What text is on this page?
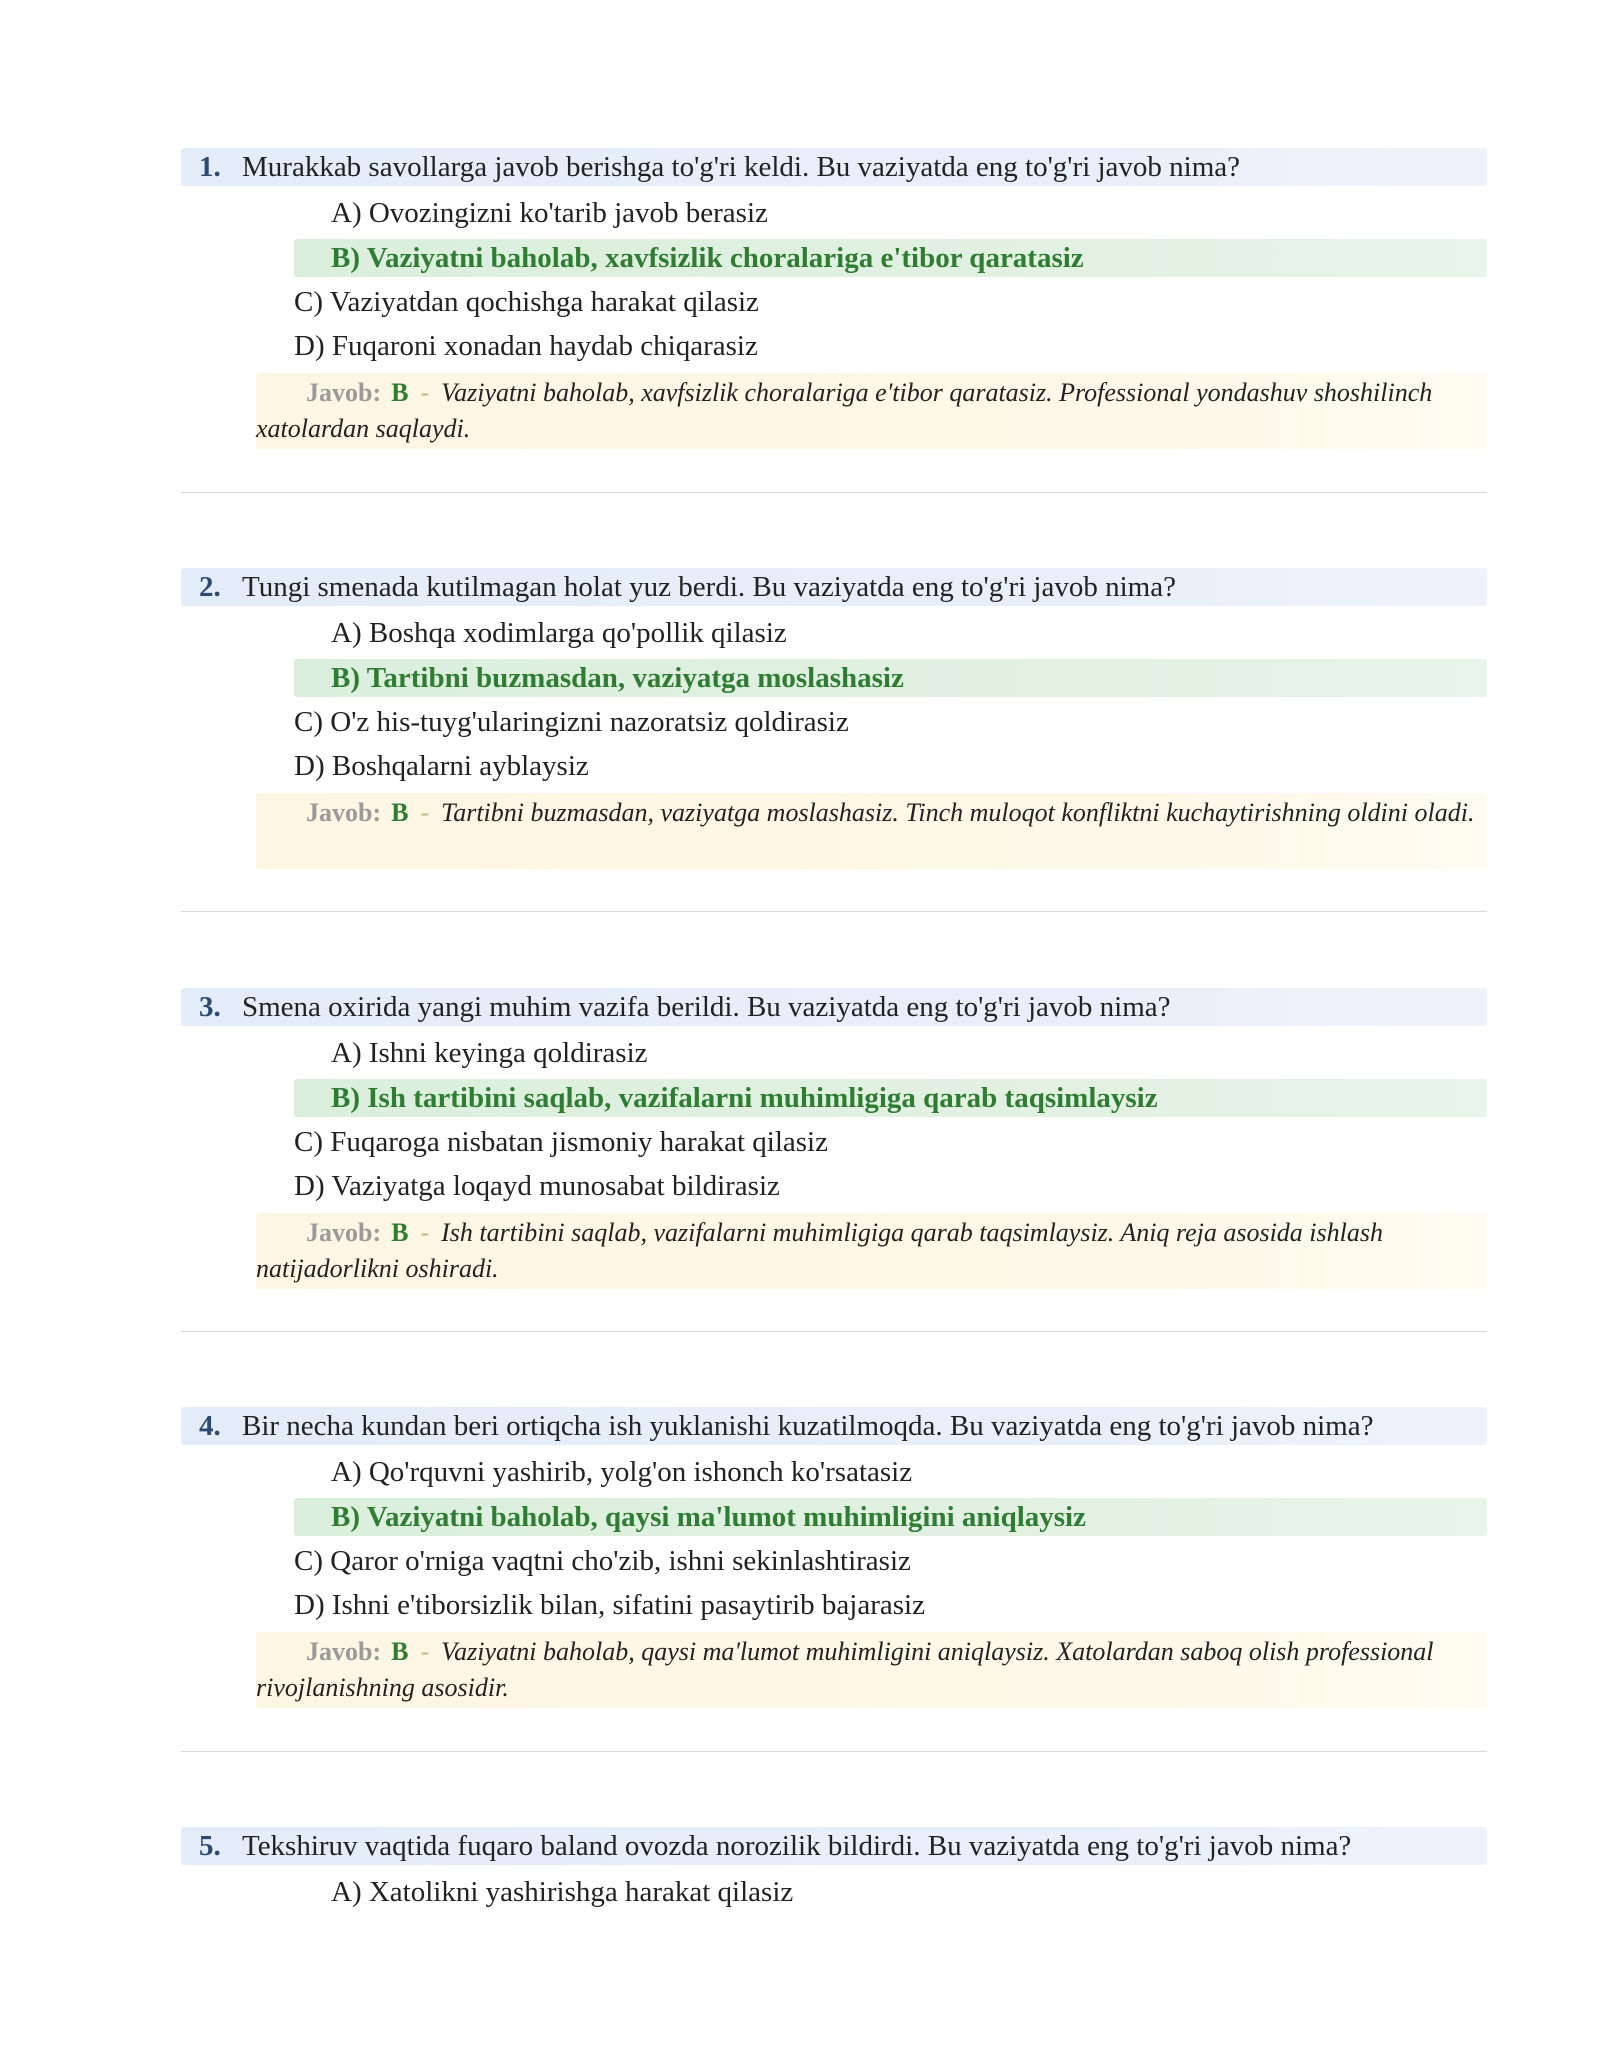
1. Murakkab savollarga javob berishga to'g'ri keldi. Bu vaziyatda eng to'g'ri javob nima?
A) Ovozingizni ko'tarib javob berasiz
B) Vaziyatni baholab, xavfsizlik choralariga e'tibor qaratasiz
C) Vaziyatdan qochishga harakat qilasiz
D) Fuqaroni xonadan haydab chiqarasiz
Javob: B - Vaziyatni baholab, xavfsizlik choralariga e'tibor qaratasiz. Professional yondashuv shoshilinch xatolardan saqlaydi.
2. Tungi smenada kutilmagan holat yuz berdi. Bu vaziyatda eng to'g'ri javob nima?
A) Boshqa xodimlarga qo'pollik qilasiz
B) Tartibni buzmasdan, vaziyatga moslashasiz
C) O'z his-tuyg'ularingizni nazoratsiz qoldirasiz
D) Boshqalarni ayblaysiz
Javob: B - Tartibni buzmasdan, vaziyatga moslashasiz. Tinch muloqot konfliktni kuchaytirishning oldini oladi.
3. Smena oxirida yangi muhim vazifa berildi. Bu vaziyatda eng to'g'ri javob nima?
A) Ishni keyinga qoldirasiz
B) Ish tartibini saqlab, vazifalarni muhimligiga qarab taqsimlaysiz
C) Fuqaroga nisbatan jismoniy harakat qilasiz
D) Vaziyatga loqayd munosabat bildirasiz
Javob: B - Ish tartibini saqlab, vazifalarni muhimligiga qarab taqsimlaysiz. Aniq reja asosida ishlash natijadorlikni oshiradi.
4. Bir necha kundan beri ortiqcha ish yuklanishi kuzatilmoqda. Bu vaziyatda eng to'g'ri javob nima?
A) Qo'rquvni yashirib, yolg'on ishonch ko'rsatasiz
B) Vaziyatni baholab, qaysi ma'lumot muhimligini aniqlaysiz
C) Qaror o'rniga vaqtni cho'zib, ishni sekinlashtirasiz
D) Ishni e'tiborsizlik bilan, sifatini pasaytirib bajarasiz
Javob: B - Vaziyatni baholab, qaysi ma'lumot muhimligini aniqlaysiz. Xatolardan saboq olish professional rivojlanishning asosidir.
5. Tekshiruv vaqtida fuqaro baland ovozda norozilik bildirdi. Bu vaziyatda eng to'g'ri javob nima?
A) Xatolikni yashirishga harakat qilasiz
